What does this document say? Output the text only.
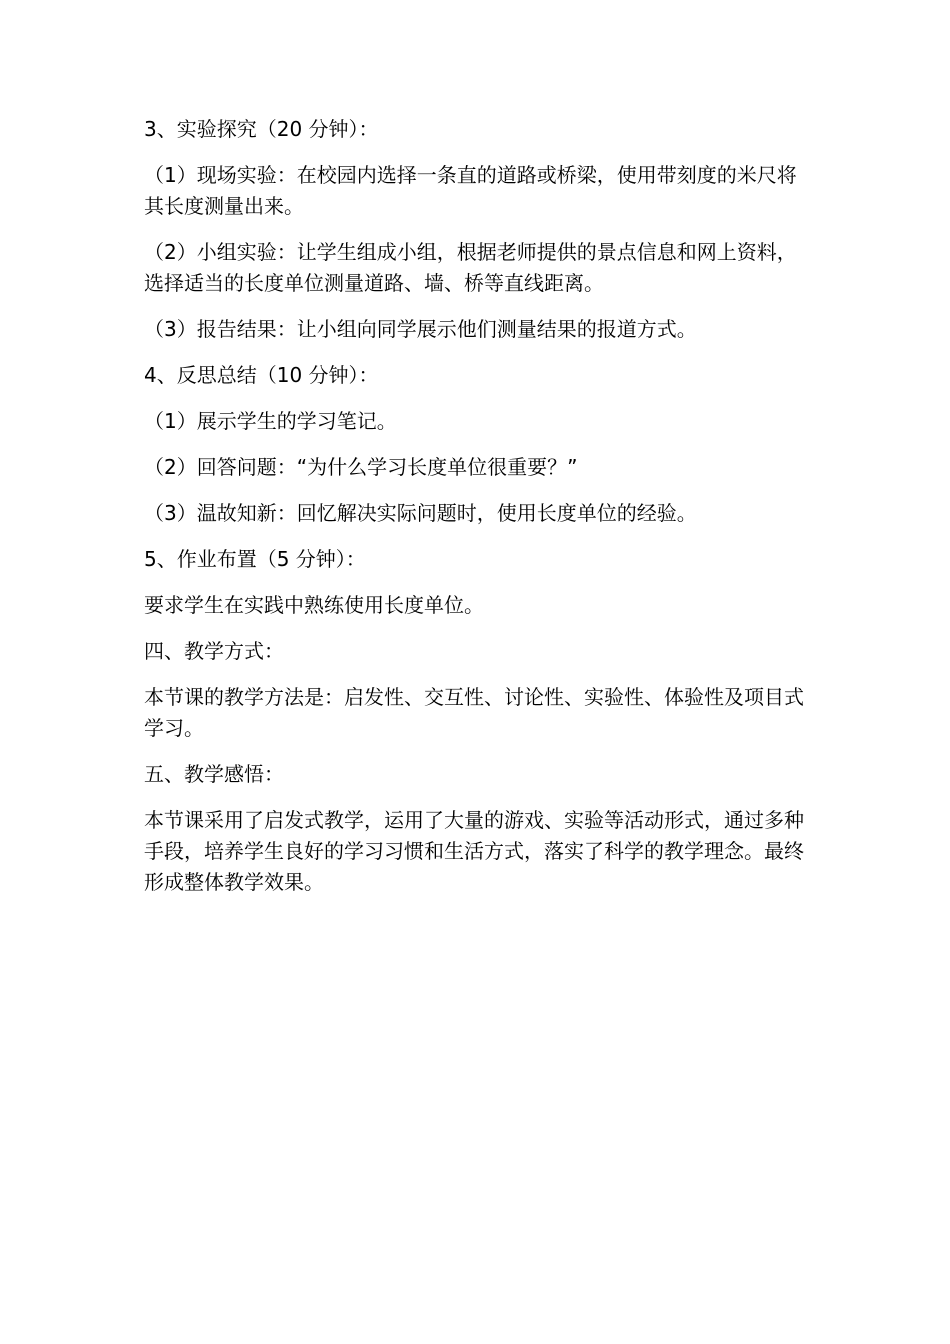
3、实验探究（20 分钟）：

（1）现场实验：在校园内选择一条直的道路或桥梁，使用带刻度的米尺将其长度测量出来。

（2）小组实验：让学生组成小组，根据老师提供的景点信息和网上资料，选择适当的长度单位测量道路、墙、桥等直线距离。

（3）报告结果：让小组向同学展示他们测量结果的报道方式。

4、反思总结（10 分钟）：

（1）展示学生的学习笔记。

（2）回答问题：“为什么学习长度单位很重要？”

（3）温故知新：回忆解决实际问题时，使用长度单位的经验。

5、作业布置（5 分钟）：

要求学生在实践中熟练使用长度单位。

四、教学方式：

本节课的教学方法是：启发性、交互性、讨论性、实验性、体验性及项目式学习。

五、教学感悟：

本节课采用了启发式教学，运用了大量的游戏、实验等活动形式，通过多种手段，培养学生良好的学习习惯和生活方式，落实了科学的教学理念。最终形成整体教学效果。
